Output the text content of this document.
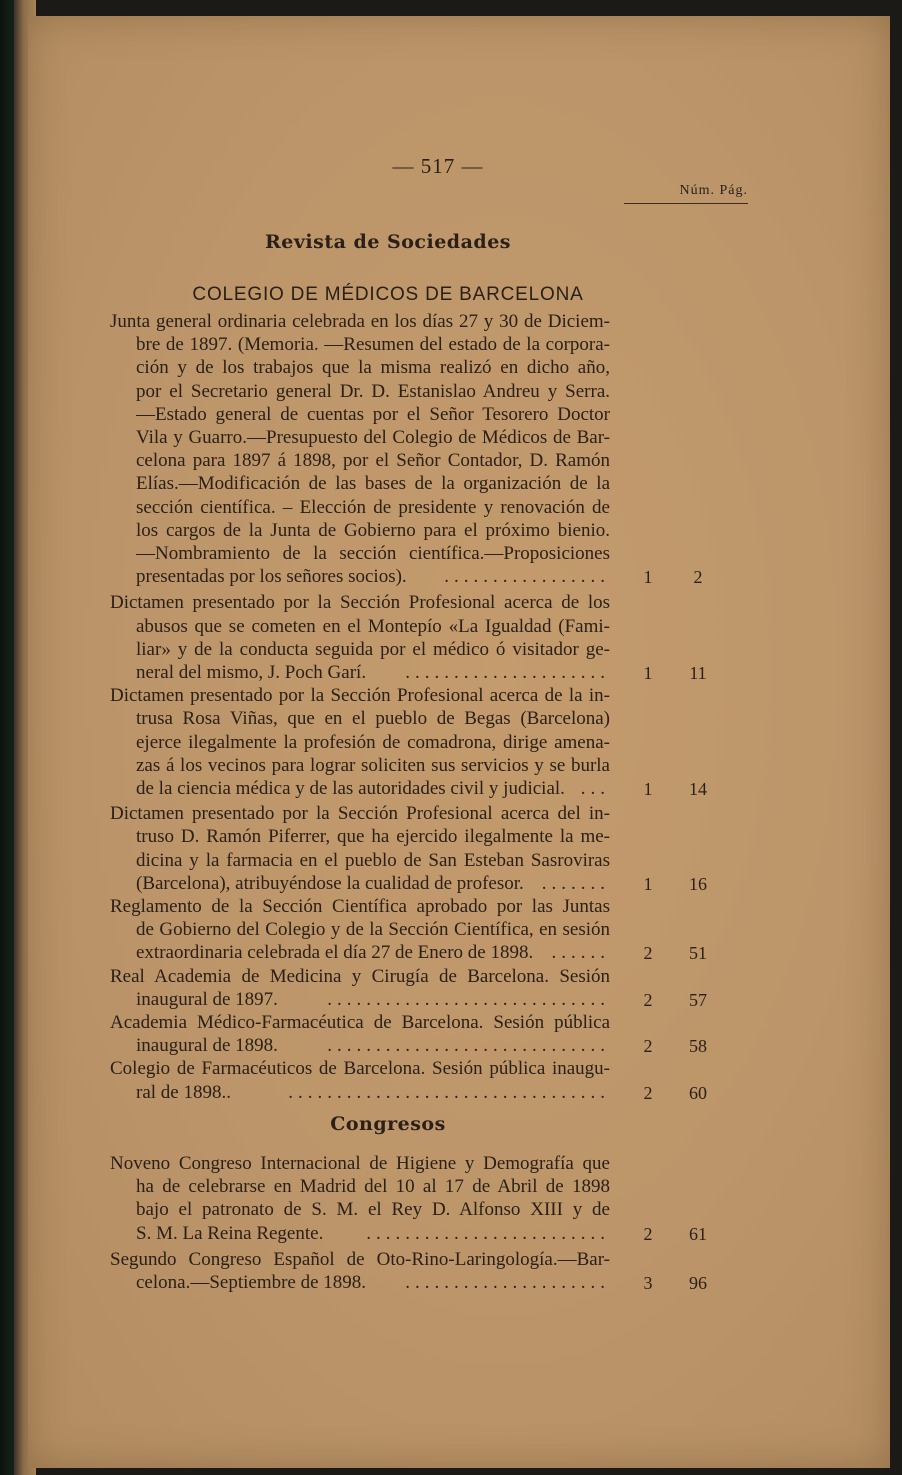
— 517 —
Núm. Pág.
Revista de Sociedades
COLEGIO DE MÉDICOS DE BARCELONA
Congresos
Junta general ordinaria celebrada en los días 27 y 30 de Diciem-
bre de 1897. (Memoria. —Resumen del estado de la corpora-
ción y de los trabajos que la misma realizó en dicho año,
por el Secretario general Dr. D. Estanislao Andreu y Serra.
—Estado general de cuentas por el Señor Tesorero Doctor
Vila y Guarro.—Presupuesto del Colegio de Médicos de Bar-
celona para 1897 á 1898, por el Señor Contador, D. Ramón
Elías.—Modificación de las bases de la organización de la
sección científica. – Elección de presidente y renovación de
los cargos de la Junta de Gobierno para el próximo bienio.
—Nombramiento de la sección científica.—Proposiciones
presentadas por los señores socios).	.................	1	2
Dictamen presentado por la Sección Profesional acerca de los
abusos que se cometen en el Montepío «La Igualdad (Fami-
liar» y de la conducta seguida por el médico ó visitador ge-
neral del mismo, J. Poch Garí.	.....................	1	11
Dictamen presentado por la Sección Profesional acerca de la in-
trusa Rosa Viñas, que en el pueblo de Begas (Barcelona)
ejerce ilegalmente la profesión de comadrona, dirige amena-
zas á los vecinos para lograr soliciten sus servicios y se burla
de la ciencia médica y de las autoridades civil y judicial. ...	1	14
Dictamen presentado por la Sección Profesional acerca del in-
truso D. Ramón Piferrer, que ha ejercido ilegalmente la me-
dicina y la farmacia en el pueblo de San Esteban Sasroviras
(Barcelona), atribuyéndose la cualidad de profesor. .......	1	16
Reglamento de la Sección Científica aprobado por las Juntas
de Gobierno del Colegio y de la Sección Científica, en sesión
extraordinaria celebrada el día 27 de Enero de 1898. ......	2	51
Real Academia de Medicina y Cirugía de Barcelona. Sesión
inaugural de 1897.	.............................	2	57
Academia Médico-Farmacéutica de Barcelona. Sesión pública
inaugural de 1898.	.............................	2	58
Colegio de Farmacéuticos de Barcelona. Sesión pública inaugu-
ral de 1898..	.................................	2	60
Noveno Congreso Internacional de Higiene y Demografía que
ha de celebrarse en Madrid del 10 al 17 de Abril de 1898
bajo el patronato de S. M. el Rey D. Alfonso XIII y de
S. M. La Reina Regente.	.........................	2	61
Segundo Congreso Español de Oto-Rino-Laringología.—Bar-
celona.—Septiembre de 1898.	.....................	3	96
